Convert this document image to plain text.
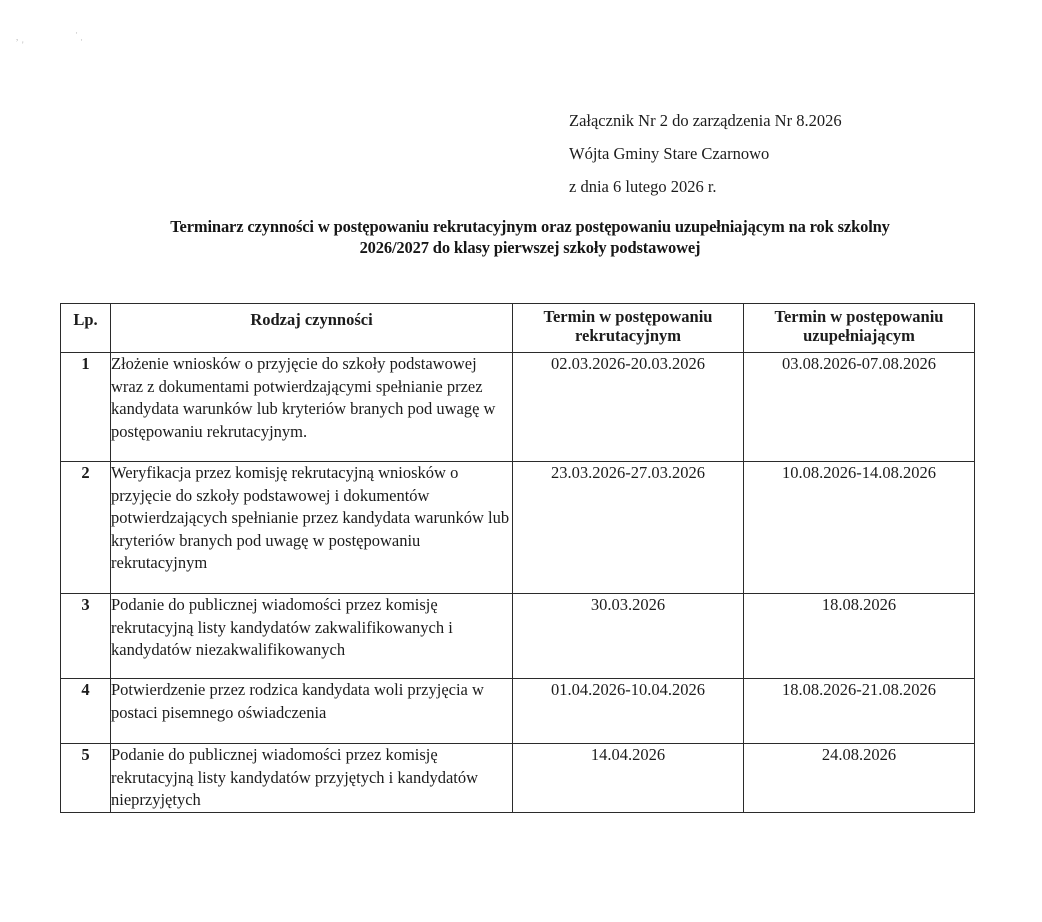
,
'
·
·
Załącznik Nr 2 do zarządzenia Nr 8.2026
Wójta Gminy Stare Czarnowo
z dnia 6 lutego 2026 r.
Terminarz czynności w postępowaniu rekrutacyjnym oraz postępowaniu uzupełniającym na rok szkolny
2026/2027 do klasy pierwszej szkoły podstawowej
Lp.	Rodzaj czynności	Termin w postępowaniu rekrutacyjnym	Termin w postępowaniu uzupełniającym
1	Złożenie wniosków o przyjęcie do szkoły podstawowej wraz z dokumentami potwierdzającymi spełnianie przez kandydata warunków lub kryteriów branych pod uwagę w postępowaniu rekrutacyjnym.	02.03.2026-20.03.2026	03.08.2026-07.08.2026
2	Weryfikacja przez komisję rekrutacyjną wniosków o przyjęcie do szkoły podstawowej i dokumentów potwierdzających spełnianie przez kandydata warunków lub kryteriów branych pod uwagę w postępowaniu rekrutacyjnym	23.03.2026-27.03.2026	10.08.2026-14.08.2026
3	Podanie do publicznej wiadomości przez komisję rekrutacyjną listy kandydatów zakwalifikowanych i kandydatów niezakwalifikowanych	30.03.2026	18.08.2026
4	Potwierdzenie przez rodzica kandydata woli przyjęcia w postaci pisemnego oświadczenia	01.04.2026-10.04.2026	18.08.2026-21.08.2026
5	Podanie do publicznej wiadomości przez komisję rekrutacyjną listy kandydatów przyjętych i kandydatów nieprzyjętych	14.04.2026	24.08.2026
